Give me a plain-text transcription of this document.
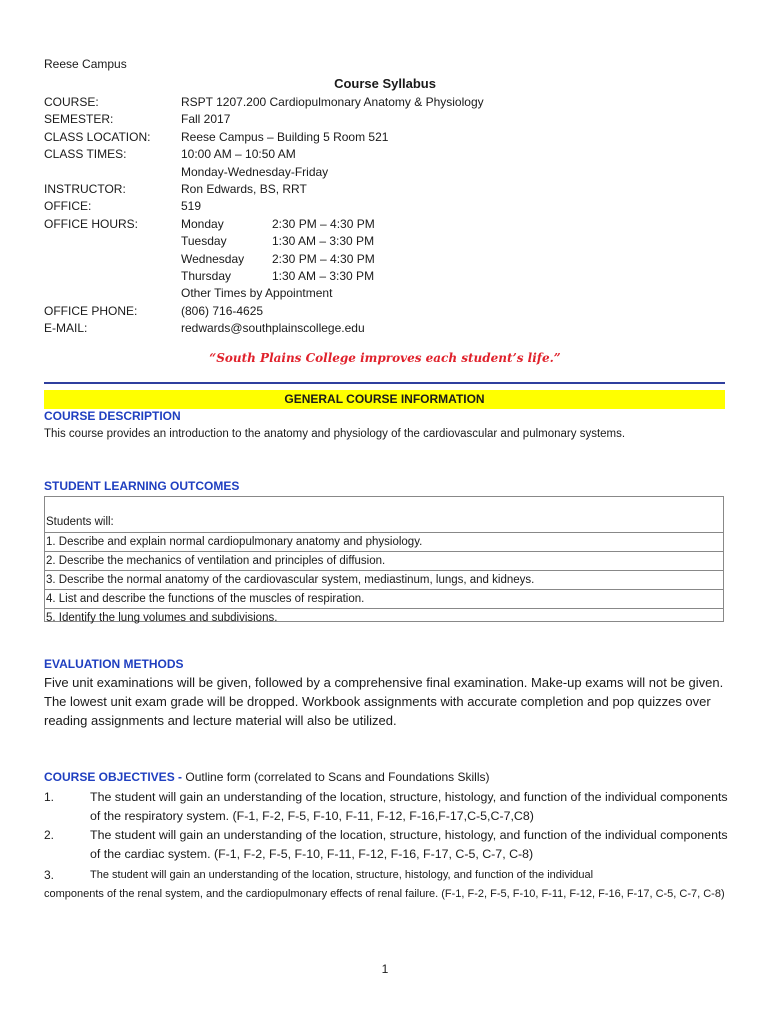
Reese Campus
Course Syllabus
COURSE:	RSPT 1207.200 Cardiopulmonary Anatomy & Physiology
SEMESTER:	Fall 2017
CLASS LOCATION:	Reese Campus – Building 5 Room 521
CLASS TIMES:	10:00 AM – 10:50 AM
Monday-Wednesday-Friday
INSTRUCTOR:	Ron Edwards, BS, RRT
OFFICE:	519
OFFICE HOURS:	Monday	2:30 PM – 4:30 PM
Tuesday	1:30 AM – 3:30 PM
Wednesday	2:30 PM – 4:30 PM
Thursday	1:30 AM – 3:30 PM
Other Times by Appointment
OFFICE PHONE:	(806) 716-4625
E-MAIL:	redwards@southplainscollege.edu
“South Plains College improves each student’s life.”
GENERAL COURSE INFORMATION
COURSE DESCRIPTION
This course provides an introduction to the anatomy and physiology of the cardiovascular and pulmonary systems.
STUDENT LEARNING OUTCOMES
Students will:
1. Describe and explain normal cardiopulmonary anatomy and physiology.
2. Describe the mechanics of ventilation and principles of diffusion.
3. Describe the normal anatomy of the cardiovascular system, mediastinum, lungs, and kidneys.
4. List and describe the functions of the muscles of respiration.
5. Identify the lung volumes and subdivisions.
EVALUATION METHODS
Five unit examinations will be given, followed by a comprehensive final examination. Make-up exams will not be given. The lowest unit exam grade will be dropped. Workbook assignments with accurate completion and pop quizzes over reading assignments and lecture material will also be utilized.
COURSE OBJECTIVES - Outline form (correlated to Scans and Foundations Skills)
1.	The student will gain an understanding of the location, structure, histology, and function of the individual components of the respiratory system. (F-1, F-2, F-5, F-10, F-11, F-12, F-16,F-17,C-5,C-7,C8)
2.	The student will gain an understanding of the location, structure, histology, and function of the individual components of the cardiac system. (F-1, F-2, F-5, F-10, F-11, F-12, F-16, F-17, C-5, C-7, C-8)
3.	The student will gain an understanding of the location, structure, histology, and function of the individual
components of the renal system, and the cardiopulmonary effects of renal failure. (F-1, F-2, F-5, F-10, F-11, F-12, F-16, F-17, C-5, C-7, C-8)
1
